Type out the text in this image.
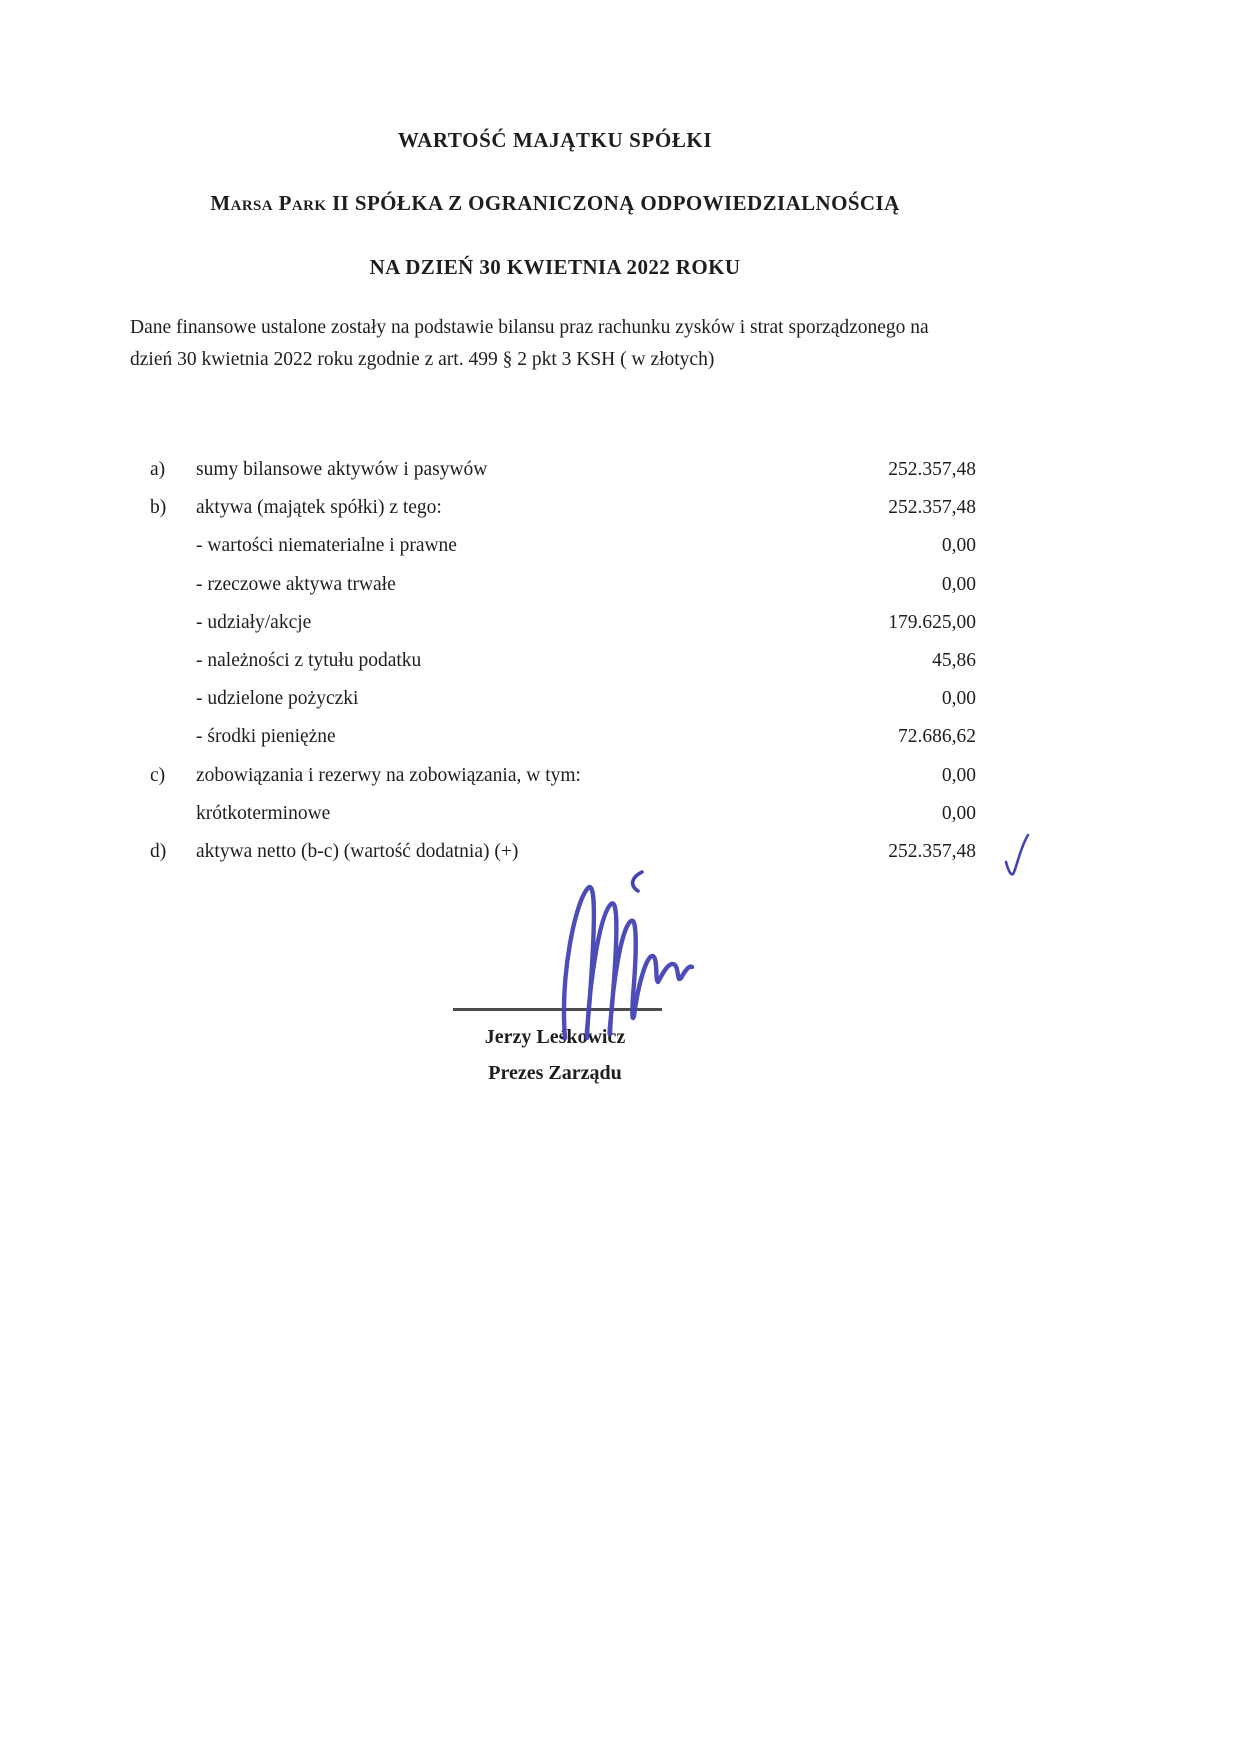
WARTOŚĆ MAJĄTKU SPÓŁKI
Marsa Park II SPÓŁKA Z OGRANICZONĄ ODPOWIEDZIALNOŚCIĄ
NA DZIEŃ 30 KWIETNIA 2022 ROKU
Dane finansowe ustalone zostały na podstawie bilansu praz rachunku zysków i strat sporządzonego na
dzień 30 kwietnia 2022 roku zgodnie z art. 499 § 2 pkt 3 KSH ( w złotych)
a)	sumy bilansowe aktywów i pasywów	252.357,48
b)	aktywa (majątek spółki) z tego:	252.357,48
- wartości niematerialne i prawne	0,00
- rzeczowe aktywa trwałe	0,00
- udziały/akcje	179.625,00
- należności z tytułu podatku	45,86
- udzielone pożyczki	0,00
- środki pieniężne	72.686,62
c)	zobowiązania i rezerwy na zobowiązania, w tym:	0,00
krótkoterminowe	0,00
d)	aktywa netto (b-c) (wartość dodatnia) (+)	252.357,48
Jerzy Leśkowicz
Prezes Zarządu
